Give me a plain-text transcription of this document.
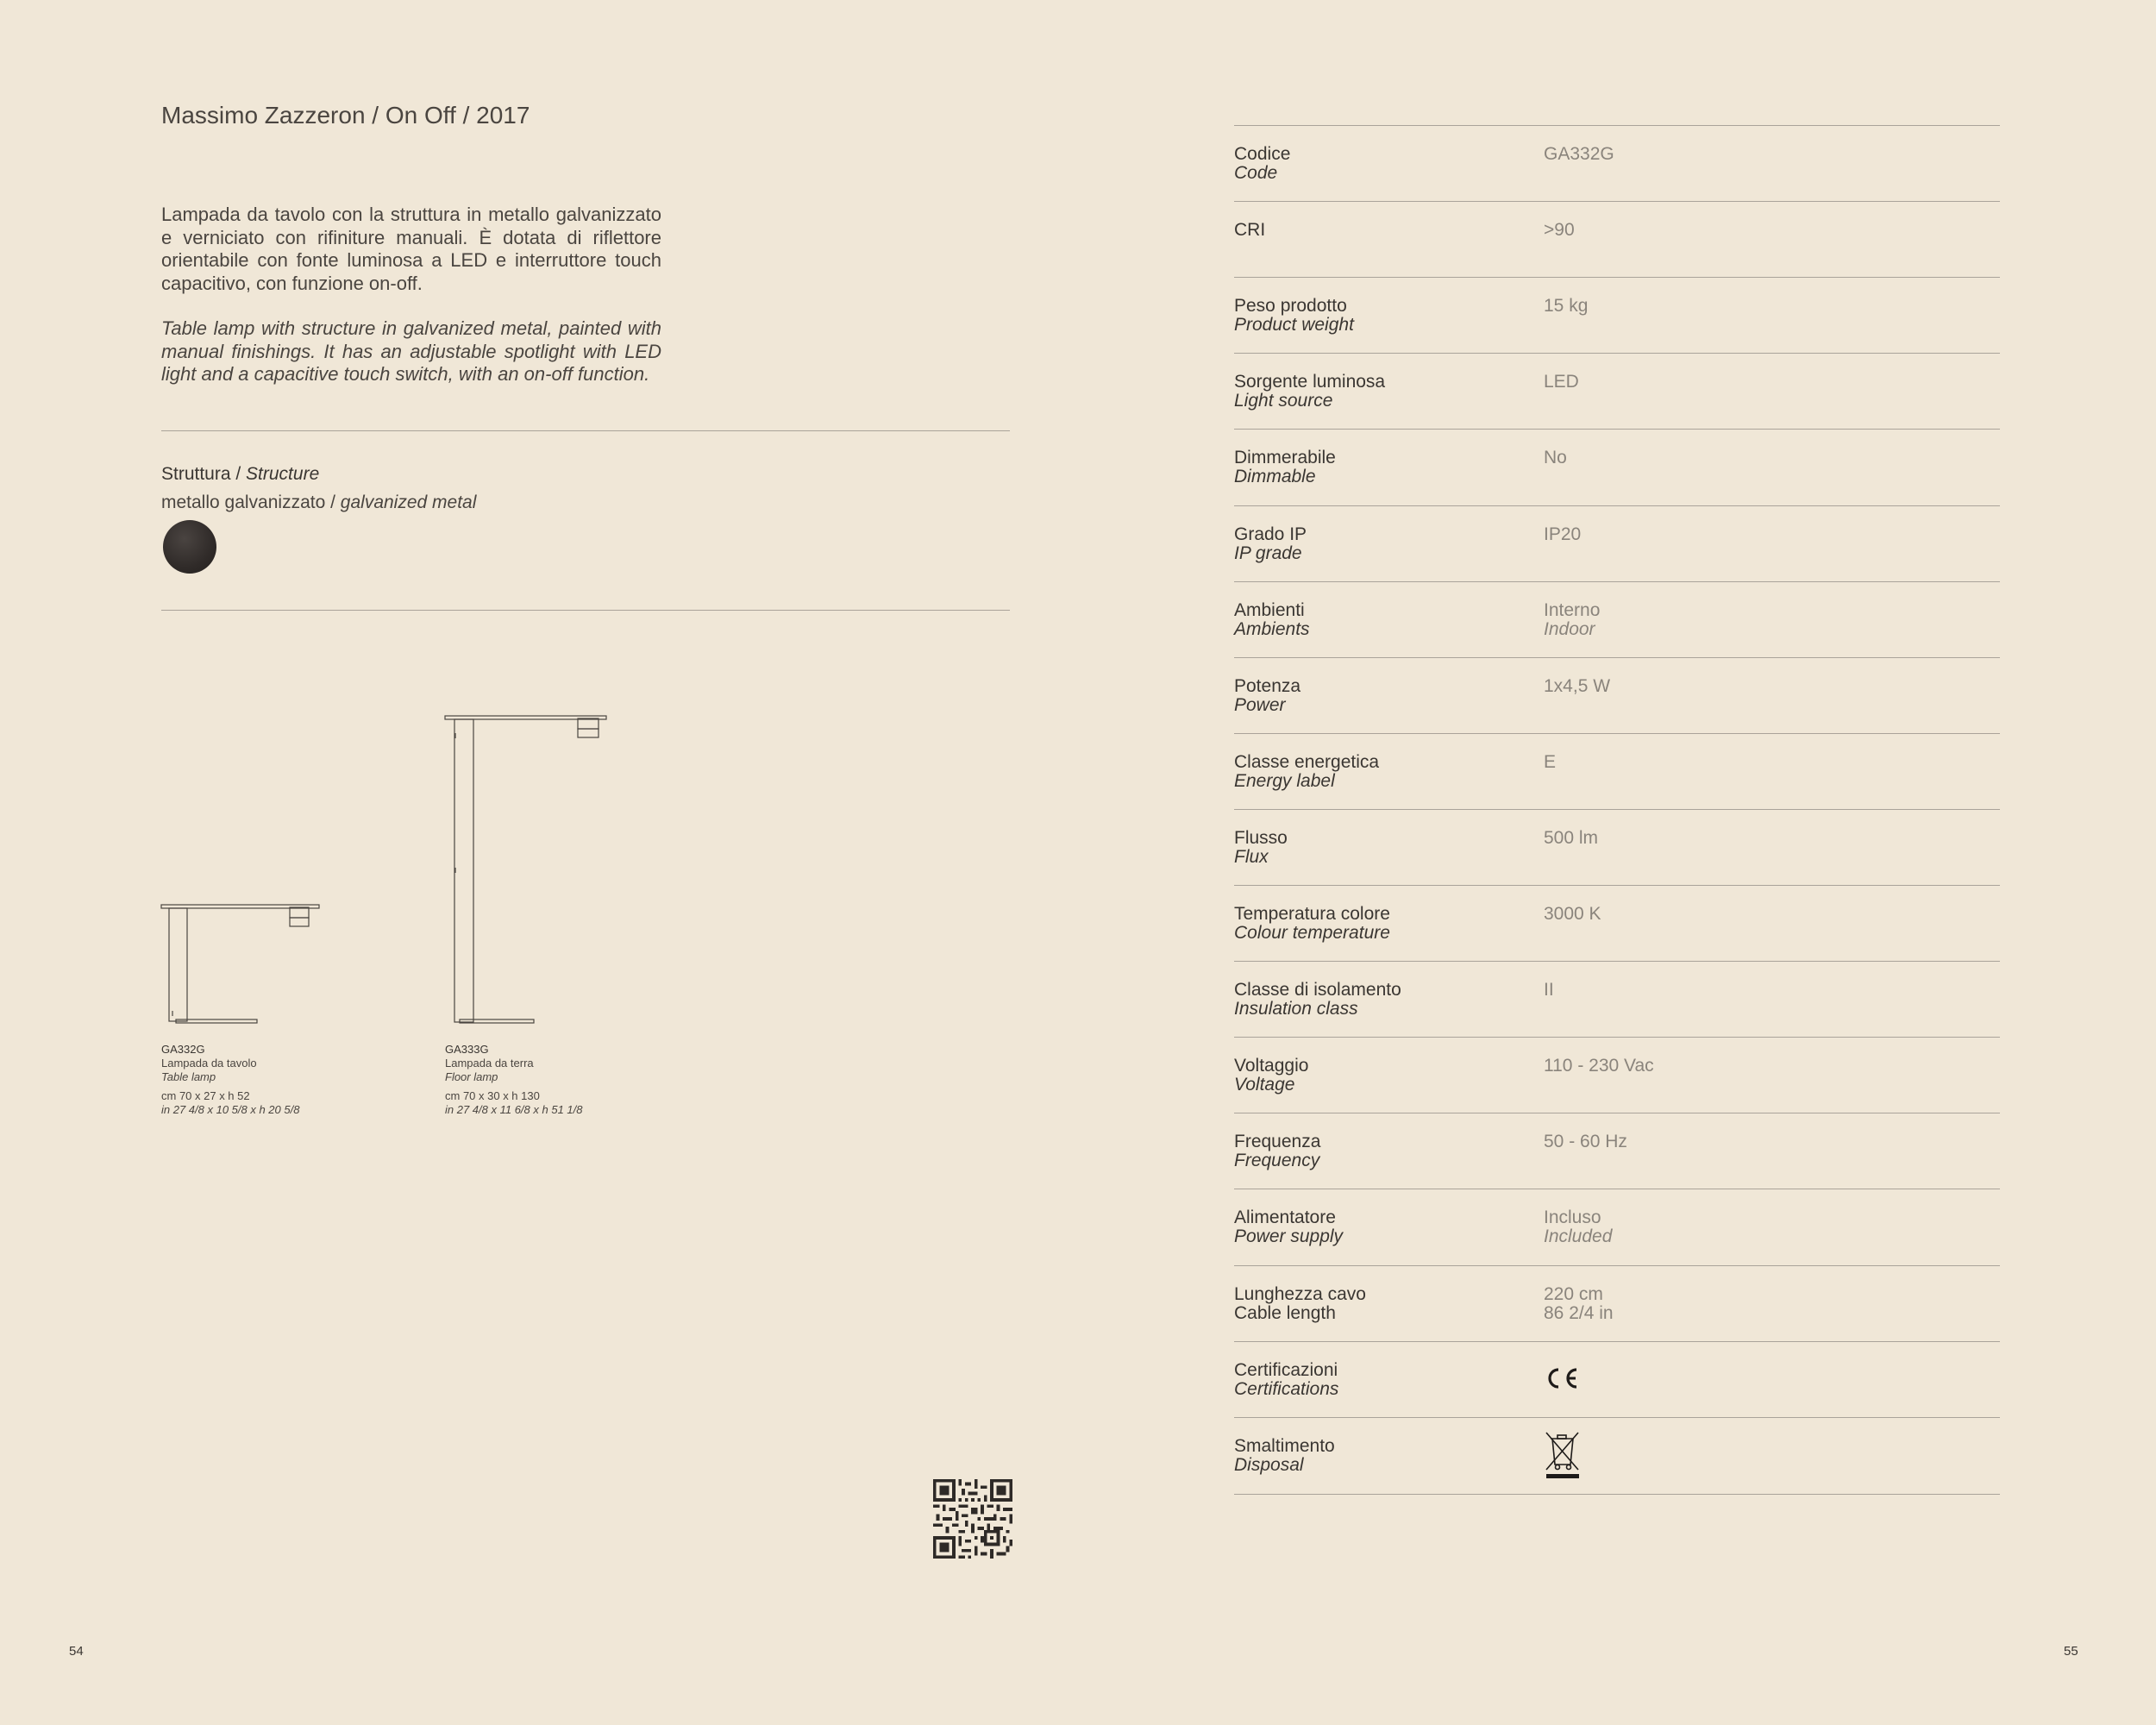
Massimo Zazzeron / On Off / 2017

Lampada da tavolo con la struttura in metallo galvanizzato e verniciato con rifiniture manuali. È dotata di riflettore orientabile con fonte luminosa a LED e interruttore touch capacitivo, con funzione on-off.

Table lamp with structure in galvanized metal, painted with manual finishings. It has an adjustable spotlight with LED light and a capacitive touch switch, with an on-off function.

Struttura / Structure
metallo galvanizzato / galvanized metal
GA332G
Lampada da tavolo
Table lamp
cm 70 x 27 x h 52
in 27 4/8 x 10 5/8 x h 20 5/8
GA333G
Lampada da terra
Floor lamp
cm 70 x 30 x h 130
in 27 4/8 x 11 6/8 x h 51 1/8
54
Codice
Code
GA332G
CRI	>90
Peso prodotto
Product weight
15 kg
Sorgente luminosa
Light source
LED
Dimmerabile
Dimmable
No
Grado IP
IP grade
IP20
Ambienti
Ambients
Interno
Indoor
Potenza
Power
1x4,5 W
Classe energetica
Energy label
E
Flusso
Flux
500 lm
Temperatura colore
Colour temperature
3000 K
Classe di isolamento
Insulation class
II
Voltaggio
Voltage
110 - 230 Vac
Frequenza
Frequency
50 - 60 Hz
Alimentatore
Power supply
Incluso
Included
Lunghezza cavo
Cable length
220 cm
86 2/4 in
Certificazioni
Certifications
Smaltimento
Disposal
55
